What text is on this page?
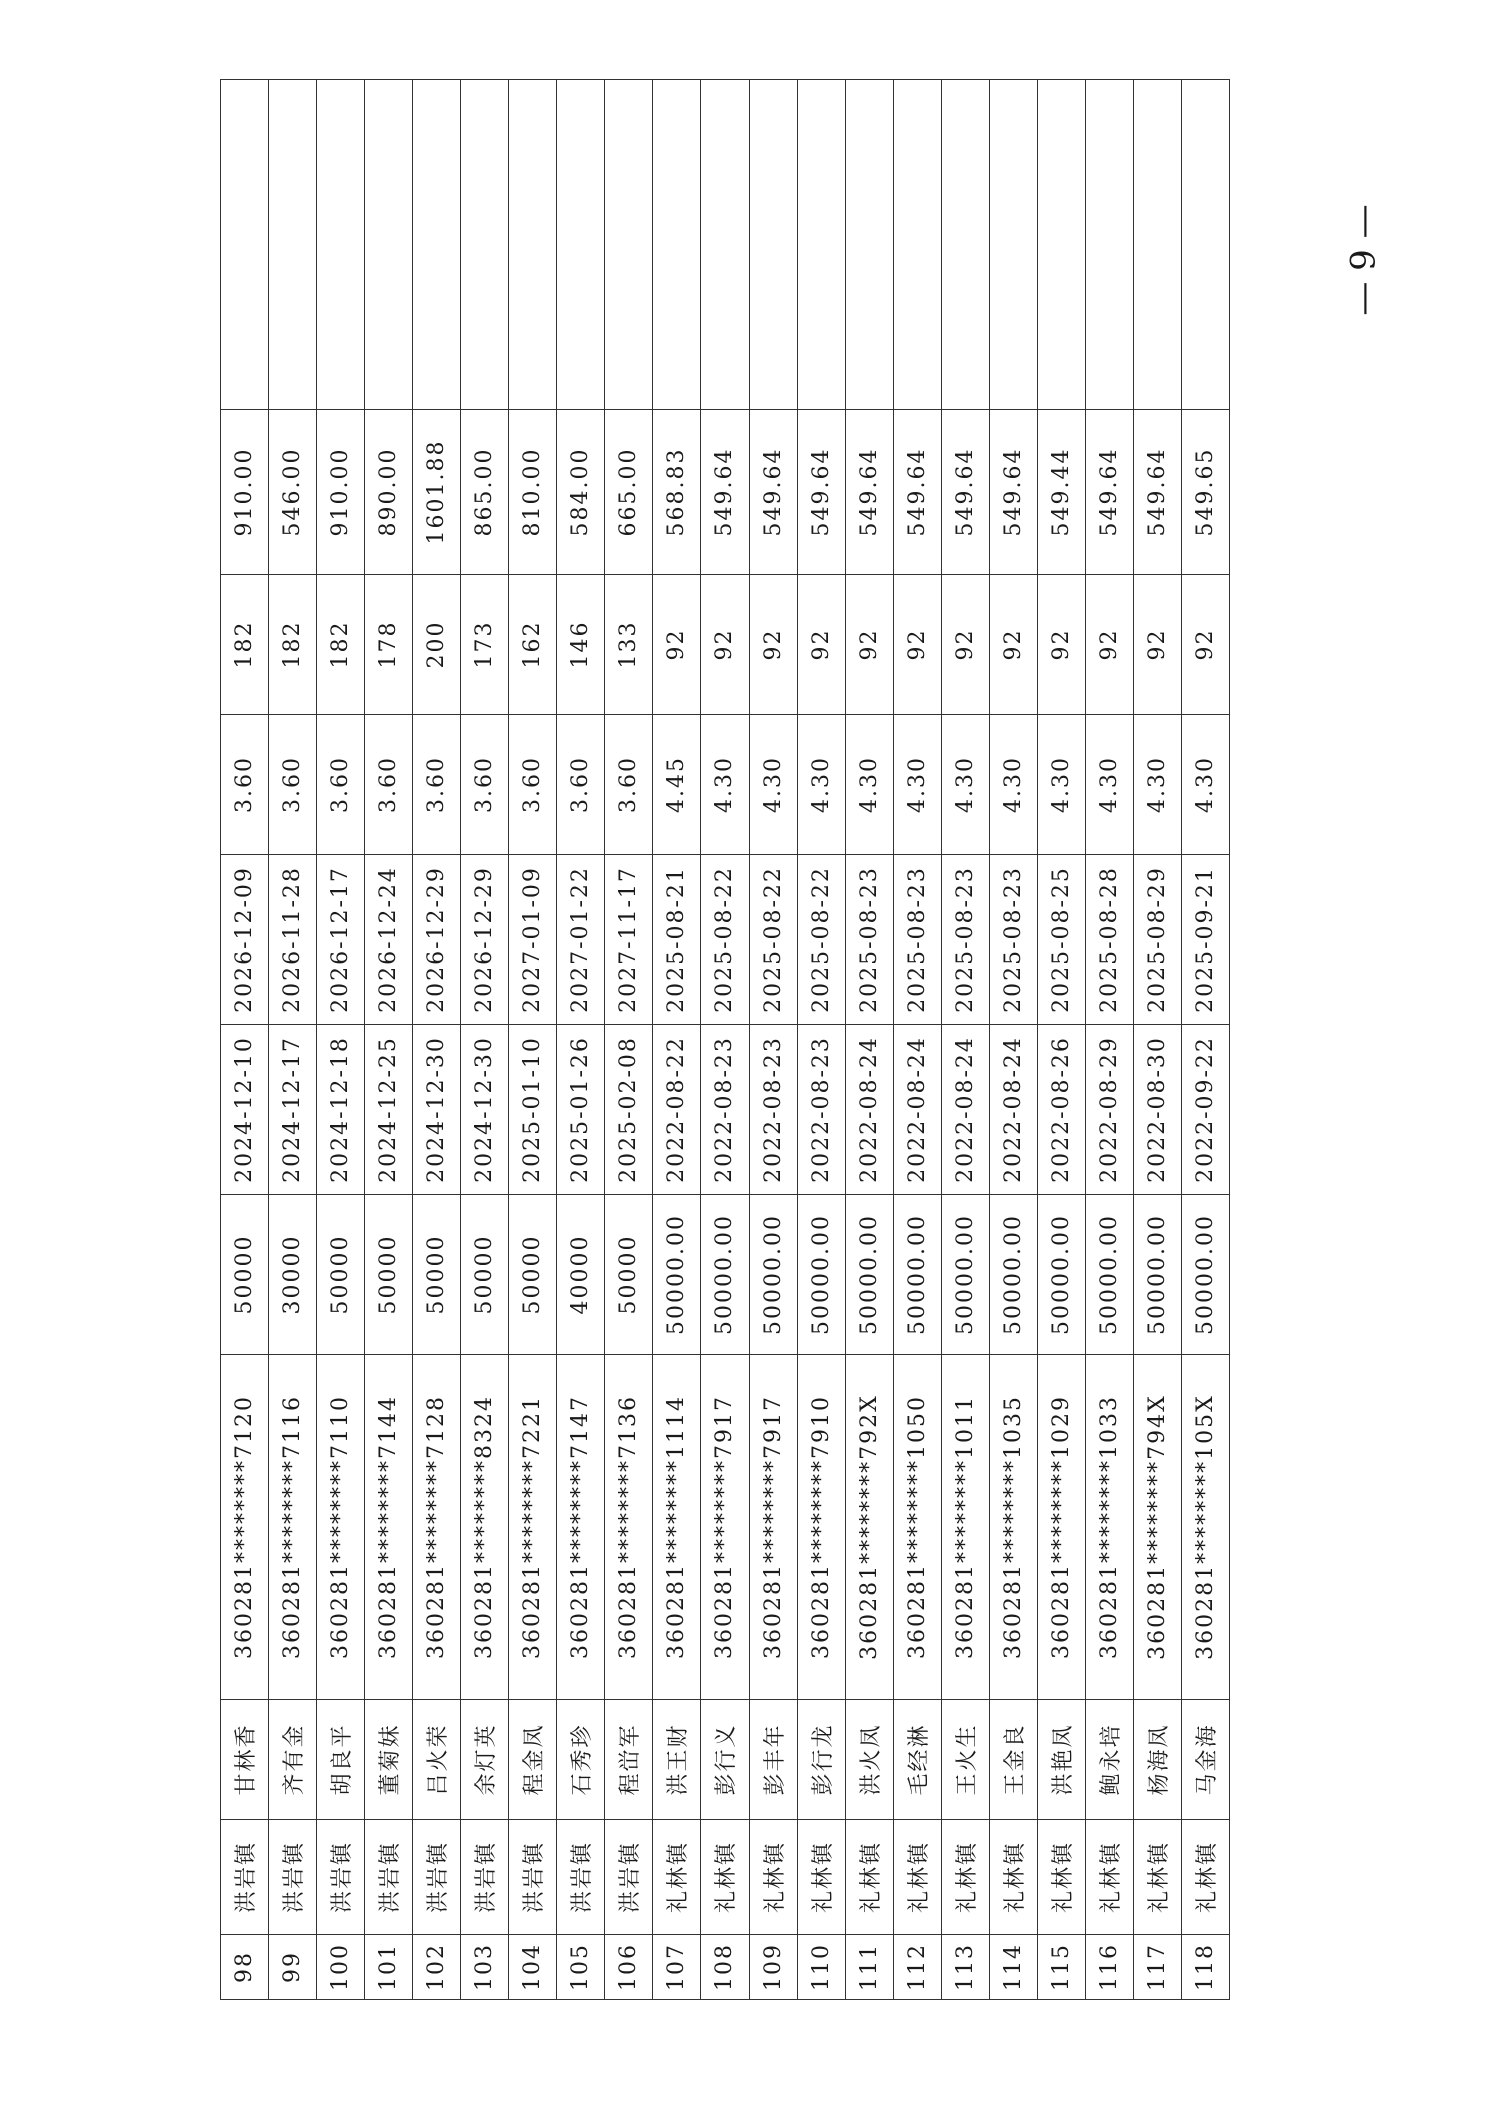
98	洪岩镇	甘林香	360281********7120	50000	2024-12-10	2026-12-09	3.60	182	910.00	
99	洪岩镇	齐有金	360281********7116	30000	2024-12-17	2026-11-28	3.60	182	546.00	
100	洪岩镇	胡良平	360281********7110	50000	2024-12-18	2026-12-17	3.60	182	910.00	
101	洪岩镇	董菊妹	360281********7144	50000	2024-12-25	2026-12-24	3.60	178	890.00	
102	洪岩镇	吕火荣	360281********7128	50000	2024-12-30	2026-12-29	3.60	200	1601.88	
103	洪岩镇	余灯英	360281********8324	50000	2024-12-30	2026-12-29	3.60	173	865.00	
104	洪岩镇	程金凤	360281********7221	50000	2025-01-10	2027-01-09	3.60	162	810.00	
105	洪岩镇	石秀珍	360281********7147	40000	2025-01-26	2027-01-22	3.60	146	584.00	
106	洪岩镇	程峃军	360281********7136	50000	2025-02-08	2027-11-17	3.60	133	665.00	
107	礼林镇	洪王财	360281********1114	50000.00	2022-08-22	2025-08-21	4.45	92	568.83	
108	礼林镇	彭行义	360281********7917	50000.00	2022-08-23	2025-08-22	4.30	92	549.64	
109	礼林镇	彭丰年	360281********7917	50000.00	2022-08-23	2025-08-22	4.30	92	549.64	
110	礼林镇	彭行龙	360281********7910	50000.00	2022-08-23	2025-08-22	4.30	92	549.64	
111	礼林镇	洪火凤	360281********792X	50000.00	2022-08-24	2025-08-23	4.30	92	549.64	
112	礼林镇	毛经淋	360281********1050	50000.00	2022-08-24	2025-08-23	4.30	92	549.64	
113	礼林镇	王火生	360281********1011	50000.00	2022-08-24	2025-08-23	4.30	92	549.64	
114	礼林镇	王金良	360281********1035	50000.00	2022-08-24	2025-08-23	4.30	92	549.64	
115	礼林镇	洪艳凤	360281********1029	50000.00	2022-08-26	2025-08-25	4.30	92	549.44	
116	礼林镇	鲍永培	360281********1033	50000.00	2022-08-29	2025-08-28	4.30	92	549.64	
117	礼林镇	杨海凤	360281********794X	50000.00	2022-08-30	2025-08-29	4.30	92	549.64	
118	礼林镇	马金海	360281********105X	50000.00	2022-09-22	2025-09-21	4.30	92	549.65	
— 9 —
